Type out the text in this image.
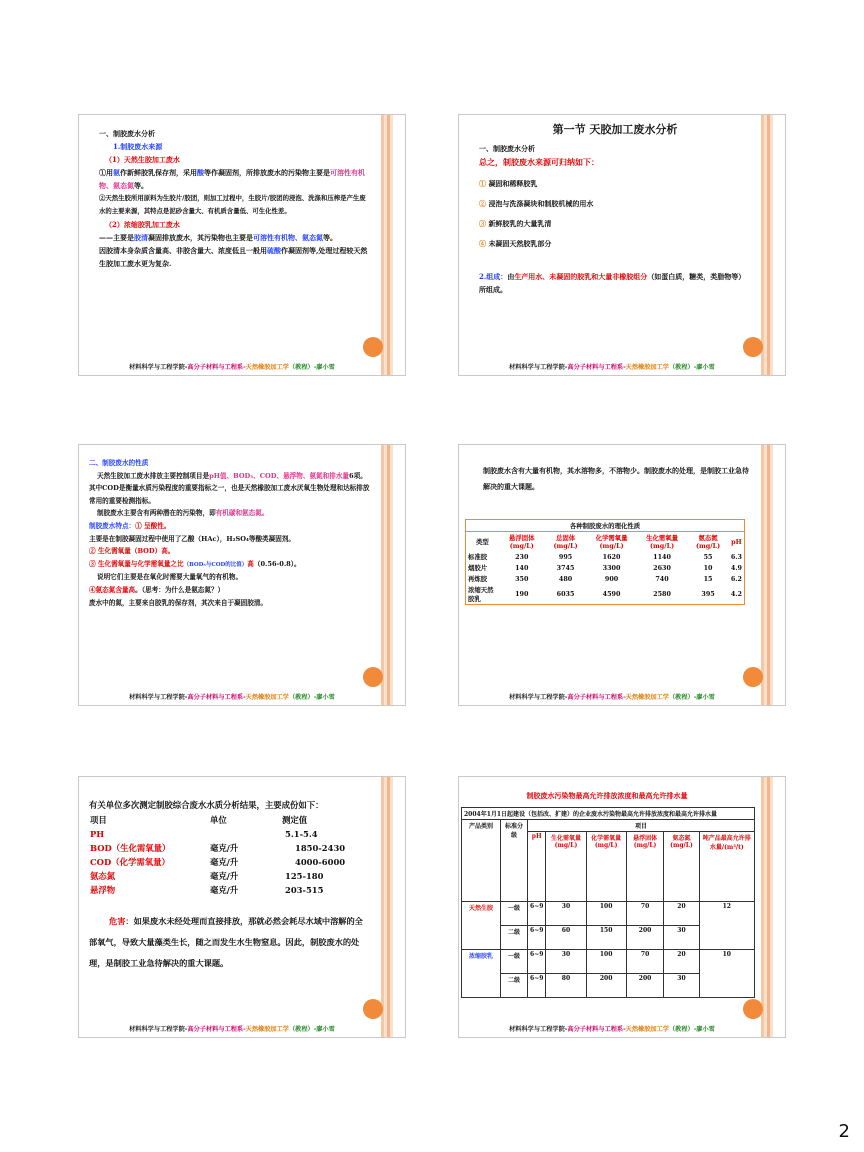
一、制胶废水分析
1.制胶废水来源
（1）天然生胶加工废水
①用氨作新鲜胶乳保存剂，采用酸等作凝固剂，所排放废水的污染物主要是可溶性有机物、氨态氮等。
②天然生胶所用原料为生胶片/胶团，则加工过程中，生胶片/胶团的浸泡、洗涤和压榨是产生废水的主要来源，其特点是泥砂含量大、有机质含量低、可生化性差。
（2）浓缩胶乳加工废水
——主要是胶清凝固排放废水，其污染物也主要是可溶性有机物、氨态氮等。
因胶清本身杂质含量高、非胶含量大、浓度低且一般用硫酸作凝固剂等,处理过程较天然生胶加工废水更为复杂.
材料科学与工程学院-高分子材料与工程系-天然橡胶加工学（教程）-廖小雪
第一节 天胶加工废水分析
一、制胶废水分析
总之，制胶废水来源可归纳如下：
① 凝固和稀释胶乳
② 浸泡与洗涤凝块和制胶机械的用水
③ 新鲜胶乳的大量乳清
④ 未凝固天然胶乳部分
2.组成：由生产用水、未凝固的胶乳和大量非橡胶组分（如蛋白质，糖类，类脂物等）所组成。
材料科学与工程学院-高分子材料与工程系-天然橡胶加工学（教程）-廖小雪
二、制胶废水的性质
天然生胶加工废水排放主要控制项目是pH值、BOD₅、COD、悬浮物、氨氮和排水量6项。其中COD是衡量水质污染程度的重要指标之一，也是天然橡胶加工废水厌氧生物处理和达标排放常用的重要检测指标。
制胶废水主要含有两种潜在的污染物，即有机碳和氨态氮。
制胶废水特点：① 呈酸性。
主要是在制胶凝固过程中使用了乙酸（HAc），H₂SO₄等酸类凝固剂。
② 生化需氧量（BOD）高。
③ 生化需氧量与化学需氧量之比（BOD₅与COD的比值）高（0.56-0.8）。
说明它们主要是在氧化时需要大量氧气的有机物。
④氨态氮含量高。（思考：为什么是氨态氮？）
废水中的氮，主要来自胶乳的保存剂，其次来自于凝固胶清。
材料科学与工程学院-高分子材料与工程系-天然橡胶加工学（教程）-廖小雪
制胶废水含有大量有机物，其水溶物多，不溶物少。制胶废水的处理，是制胶工业急待解决的重大课题。
各种制胶废水的理化性质						
类型	悬浮固体(mg/L)	总固体(mg/L)	化学需氧量(mg/L)	生化需氧量(mg/L)	氨态氮(mg/L)	pH
标准胶	230	995	1620	1140	55	6.3
烟胶片	140	3745	3300	2630	10	4.9
再炼胶	350	480	900	740	15	6.2
浓缩天然胶乳	190	6035	4590	2580	395	4.2
材料科学与工程学院-高分子材料与工程系-天然橡胶加工学（教程）-廖小雪
有关单位多次测定制胶综合废水水质分析结果，主要成份如下：
项目	单位	测定值
PH		5.1-5.4
BOD（生化需氧量）	毫克/升	1850-2430
COD（化学需氧量）	毫克/升	4000-6000
氨态氮	毫克/升	125-180
悬浮物	毫克/升	203-515
危害：如果废水未经处理而直接排放，那就必然会耗尽水域中溶解的全部氧气，导致大量藻类生长，随之而发生水生物窒息。因此，制胶废水的处理，是制胶工业急待解决的重大课题。
材料科学与工程学院-高分子材料与工程系-天然橡胶加工学（教程）-廖小雪
制胶废水污染物最高允许排放浓度和最高允许排水量
2004年1月1日起建设（包括改、扩建）的企业废水污染物最高允许排放浓度和最高允许排水量							
产品类别	标准分级	项目					
		pH	生化需氧量(mg/L)	化学需氧量(mg/L)	悬浮固体(mg/L)	氨态氮(mg/L)	吨产品最高允许排水量/(m³/t)
天然生胶	一级	6~9	30	100	70	20	12
	二级	6~9	60	150	200	30	
浓缩胶乳	一级	6~9	30	100	70	20	10
	二级	6~9	80	200	200	30	
材料科学与工程学院-高分子材料与工程系-天然橡胶加工学（教程）-廖小雪
2
